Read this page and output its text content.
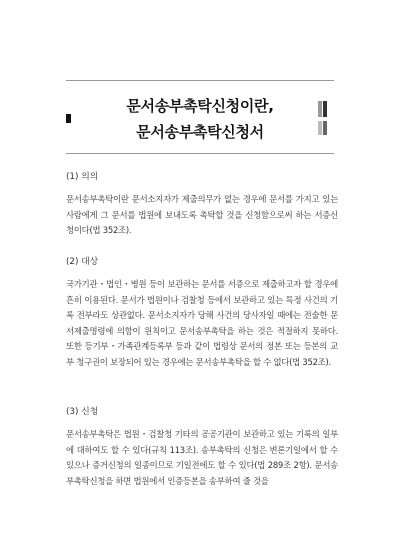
문서송부촉탁신청이란,
문서송부촉탁신청서

(1) 의의

문서송부촉탁이란 문서소지자가 제출의무가 없는 경우에 문서를 가지고 있는 사람에게 그 문서를 법원에 보내도록 촉탁할 것을 신청함으로써 하는 서증신청이다(법 352조).

(2) 대상

국가기관・법인・병원 등이 보관하는 문서를 서증으로 제출하고자 할 경우에 흔히 이용된다. 문서가 법원이나 검찰청 등에서 보관하고 있는 특정 사건의 기록 전부라도 상관없다. 문서소지자가 당해 사건의 당사자일 때에는 전술한 문서제출명령에 의함이 원칙이고 문서송부촉탁을 하는 것은 적절하지 못하다. 또한 등기부・가족관계등록부 등과 같이 법령상 문서의 정본 또는 등본의 교부 청구권이 보장되어 있는 경우에는 문서송부촉탁을 할 수 없다(법 352조).

(3) 신청

문서송부촉탁은 법원・검찰청 기타의 공공기관이 보관하고 있는 기록의 일부에 대하여도 할 수 있다(규칙 113조). 송부촉탁의 신청은 변론기일에서 할 수 있으나 증거신청의 일종이므로 기일전에도 할 수 있다(법 289조 2항). 문서송부촉탁신청을 하면 법원에서 인증등본을 송부하여 줄 것을
